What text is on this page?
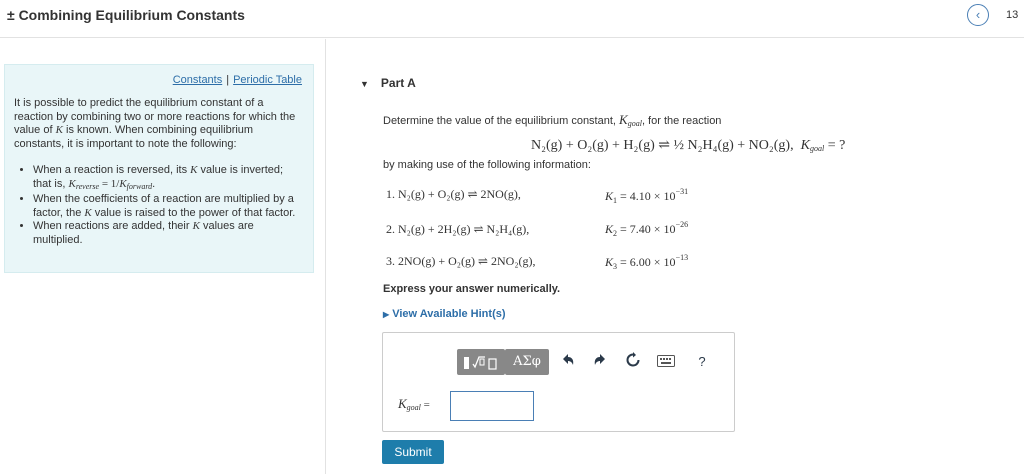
± Combining Equilibrium Constants	‹	13
Constants | Periodic Table
It is possible to predict the equilibrium constant of a reaction by combining two or more reactions for which the value of K is known. When combining equilibrium constants, it is important to note the following:
• When a reaction is reversed, its K value is inverted; that is, Kreverse = 1/Kforward.
• When the coefficients of a reaction are multiplied by a factor, the K value is raised to the power of that factor.
• When reactions are added, their K values are multiplied.
▼ Part A
Determine the value of the equilibrium constant, Kgoal, for the reaction
N₂(g) + O₂(g) + H₂(g) ⇌ ½ N₂H₄(g) + NO₂(g), Kgoal = ?
by making use of the following information:
1. N₂(g) + O₂(g) ⇌ 2NO(g),	$K_1 = 4.10 \times 10^{-31}$
2. N₂(g) + 2H₂(g) ⇌ N₂H₄(g),	$K_2 = 7.40 \times 10^{-26}$
3. 2NO(g) + O₂(g) ⇌ 2NO₂(g),	$K_3 = 6.00 \times 10^{-13}$
Express your answer numerically.
▶ View Available Hint(s)
ΑΣφ	?
Kgoal =
Submit
